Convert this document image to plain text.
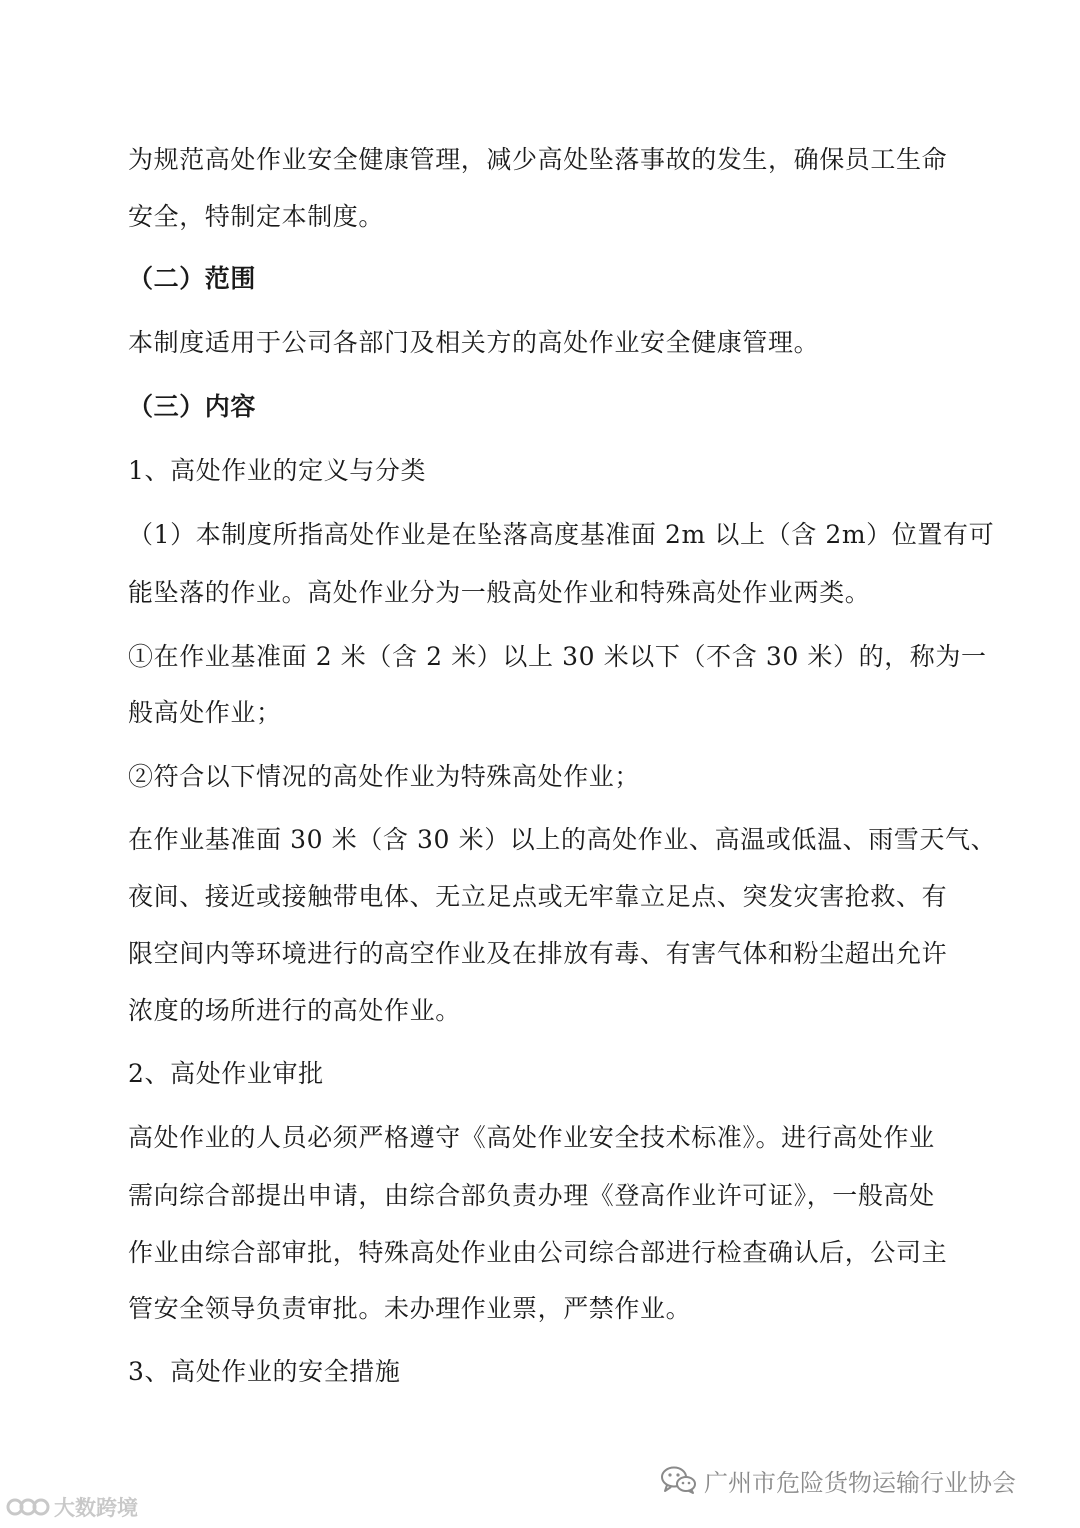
为规范高处作业安全健康管理，减少高处坠落事故的发生，确保员工生命
安全，特制定本制度。
（二）范围
本制度适用于公司各部门及相关方的高处作业安全健康管理。
（三）内容
1、高处作业的定义与分类
（1）本制度所指高处作业是在坠落高度基准面 2m 以上（含 2m）位置有可
能坠落的作业。高处作业分为一般高处作业和特殊高处作业两类。
①在作业基准面 2 米（含 2 米）以上 30 米以下（不含 30 米）的，称为一
般高处作业；
②符合以下情况的高处作业为特殊高处作业；
在作业基准面 30 米（含 30 米）以上的高处作业、高温或低温、雨雪天气、
夜间、接近或接触带电体、无立足点或无牢靠立足点、突发灾害抢救、有
限空间内等环境进行的高空作业及在排放有毒、有害气体和粉尘超出允许
浓度的场所进行的高处作业。
2、高处作业审批
高处作业的人员必须严格遵守《高处作业安全技术标准》。进行高处作业
需向综合部提出申请，由综合部负责办理《登高作业许可证》，一般高处
作业由综合部审批，特殊高处作业由公司综合部进行检查确认后，公司主
管安全领导负责审批。未办理作业票，严禁作业。
3、高处作业的安全措施
广州市危险货物运输行业协会
大数跨境
